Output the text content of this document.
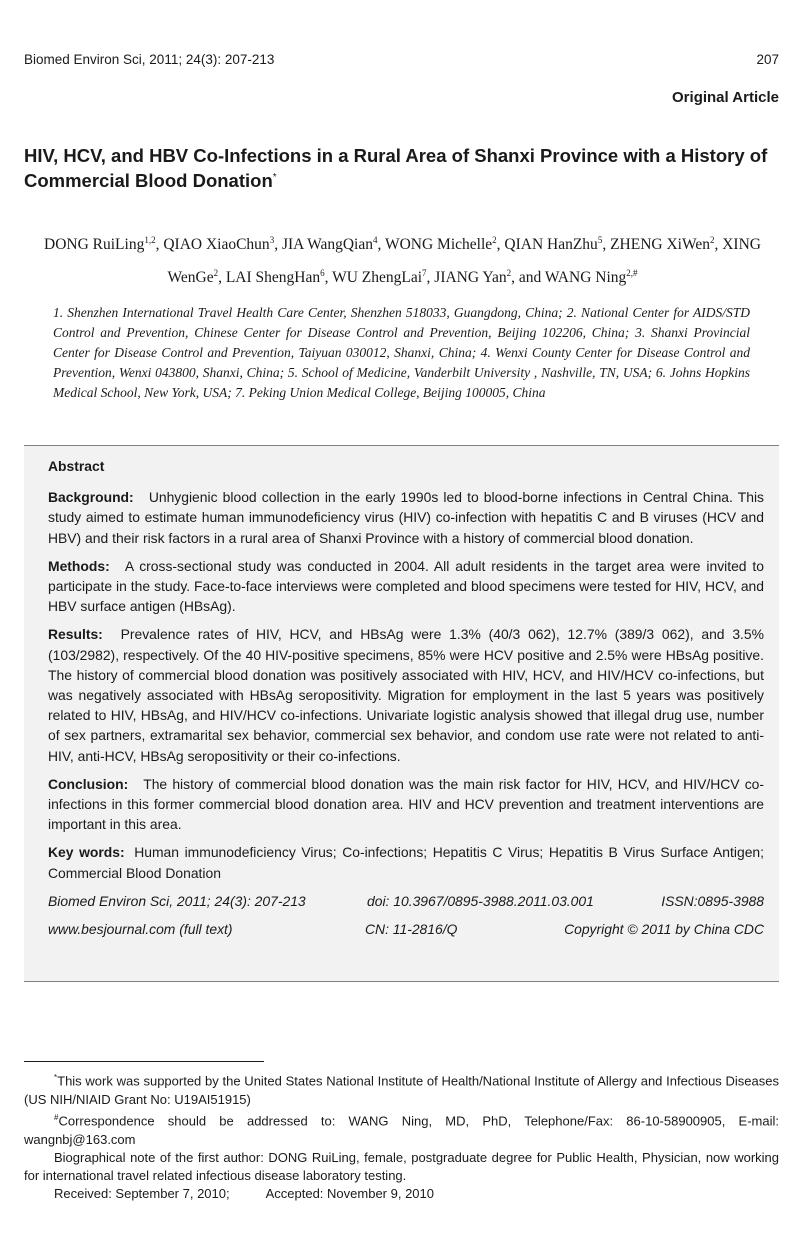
Biomed Environ Sci, 2011; 24(3): 207-213	207
Original Article
HIV, HCV, and HBV Co-Infections in a Rural Area of Shanxi Province with a History of Commercial Blood Donation*
DONG RuiLing$^{1,2}$, QIAO XiaoChun$^3$, JIA WangQian$^4$, WONG Michelle$^2$, QIAN HanZhu$^5$, ZHENG XiWen$^2$, XING WenGe$^2$, LAI ShengHan$^6$, WU ZhengLai$^7$, JIANG Yan$^2$, and WANG Ning$^{2,\#}$
1. Shenzhen International Travel Health Care Center, Shenzhen 518033, Guangdong, China; 2. National Center for AIDS/STD Control and Prevention, Chinese Center for Disease Control and Prevention, Beijing 102206, China; 3. Shanxi Provincial Center for Disease Control and Prevention, Taiyuan 030012, Shanxi, China; 4. Wenxi County Center for Disease Control and Prevention, Wenxi 043800, Shanxi, China; 5. School of Medicine, Vanderbilt University , Nashville, TN, USA; 6. Johns Hopkins Medical School, New York, USA; 7. Peking Union Medical College, Beijing 100005, China
Abstract

Background: Unhygienic blood collection in the early 1990s led to blood-borne infections in Central China. This study aimed to estimate human immunodeficiency virus (HIV) co-infection with hepatitis C and B viruses (HCV and HBV) and their risk factors in a rural area of Shanxi Province with a history of commercial blood donation.

Methods: A cross-sectional study was conducted in 2004. All adult residents in the target area were invited to participate in the study. Face-to-face interviews were completed and blood specimens were tested for HIV, HCV, and HBV surface antigen (HBsAg).

Results: Prevalence rates of HIV, HCV, and HBsAg were 1.3% (40/3 062), 12.7% (389/3 062), and 3.5% (103/2982), respectively. Of the 40 HIV-positive specimens, 85% were HCV positive and 2.5% were HBsAg positive. The history of commercial blood donation was positively associated with HIV, HCV, and HIV/HCV co-infections, but was negatively associated with HBsAg seropositivity. Migration for employment in the last 5 years was positively related to HIV, HBsAg, and HIV/HCV co-infections. Univariate logistic analysis showed that illegal drug use, number of sex partners, extramarital sex behavior, commercial sex behavior, and condom use rate were not related to anti-HIV, anti-HCV, HBsAg seropositivity or their co-infections.

Conclusion: The history of commercial blood donation was the main risk factor for HIV, HCV, and HIV/HCV co-infections in this former commercial blood donation area. HIV and HCV prevention and treatment interventions are important in this area.

Key words: Human immunodeficiency Virus; Co-infections; Hepatitis C Virus; Hepatitis B Virus Surface Antigen; Commercial Blood Donation

Biomed Environ Sci, 2011; 24(3): 207-213	doi: 10.3967/0895-3988.2011.03.001	ISSN:0895-3988
www.besjournal.com (full text)	CN: 11-2816/Q	Copyright © 2011 by China CDC

*This work was supported by the United States National Institute of Health/National Institute of Allergy and Infectious Diseases (US NIH/NIAID Grant No: U19AI51915)

#Correspondence should be addressed to: WANG Ning, MD, PhD, Telephone/Fax: 86-10-58900905, E-mail: wangnbj@163.com

Biographical note of the first author: DONG RuiLing, female, postgraduate degree for Public Health, Physician, now working for international travel related infectious disease laboratory testing.

Received: September 7, 2010;	Accepted: November 9, 2010
